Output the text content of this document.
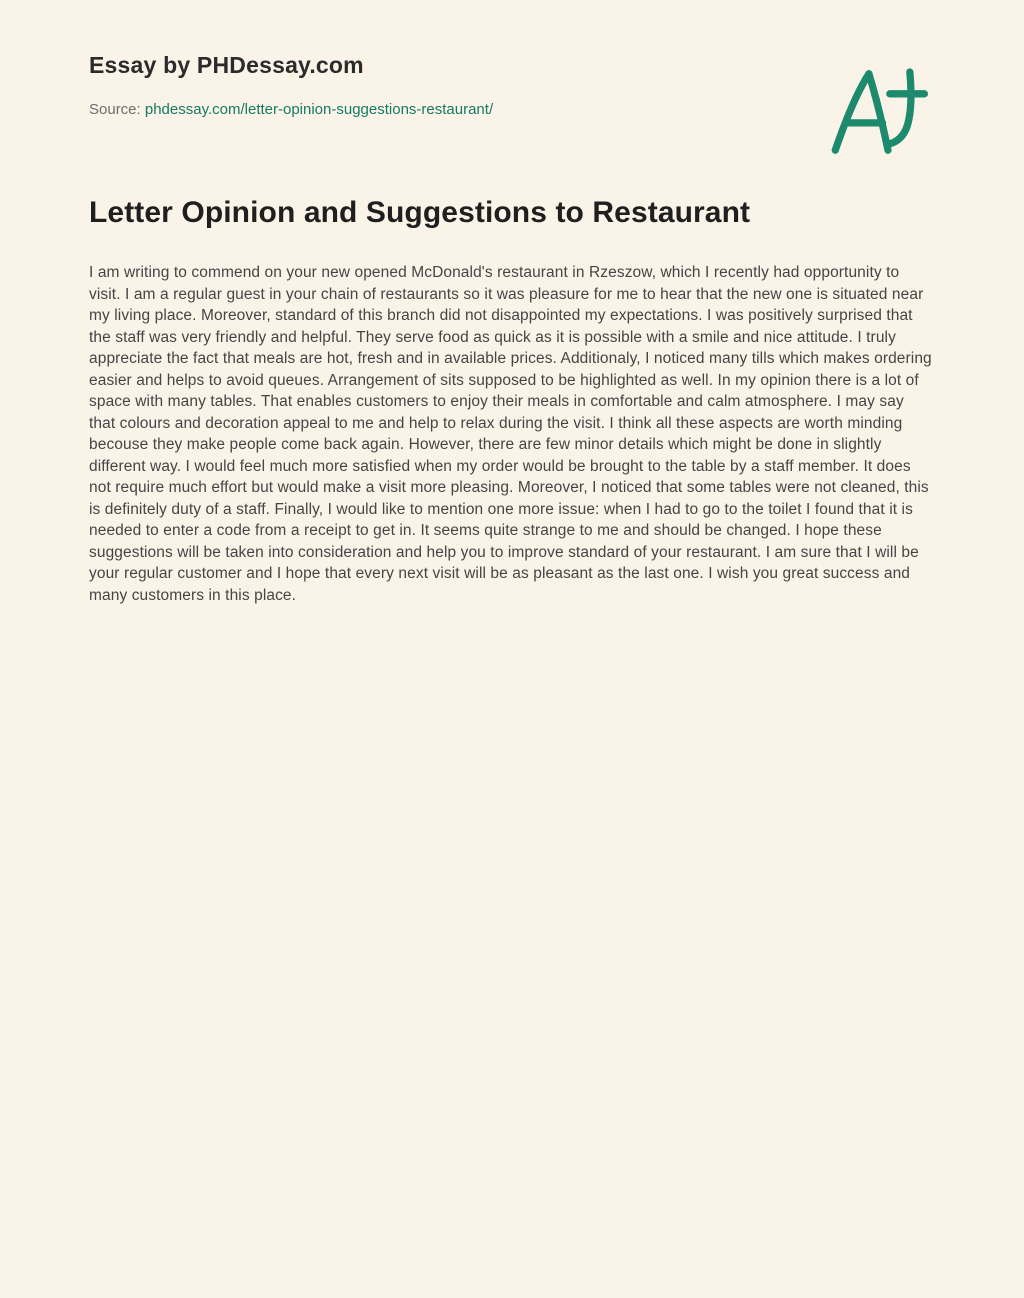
Essay by PHDessay.com
Source: phdessay.com/letter-opinion-suggestions-restaurant/
Letter Opinion and Suggestions to Restaurant

I am writing to commend on your new opened McDonald's restaurant in Rzeszow, which I recently had opportunity to visit. I am a regular guest in your chain of restaurants so it was pleasure for me to hear that the new one is situated near my living place. Moreover, standard of this branch did not disappointed my expectations. I was positively surprised that the staff was very friendly and helpful. They serve food as quick as it is possible with a smile and nice attitude. I truly appreciate the fact that meals are hot, fresh and in available prices. Additionaly, I noticed many tills which makes ordering easier and helps to avoid queues. Arrangement of sits supposed to be highlighted as well. In my opinion there is a lot of space with many tables. That enables customers to enjoy their meals in comfortable and calm atmosphere. I may say that colours and decoration appeal to me and help to relax during the visit. I think all these aspects are worth minding becouse they make people come back again. However, there are few minor details which might be done in slightly different way. I would feel much more satisfied when my order would be brought to the table by a staff member. It does not require much effort but would make a visit more pleasing. Moreover, I noticed that some tables were not cleaned, this is definitely duty of a staff. Finally, I would like to mention one more issue: when I had to go to the toilet I found that it is needed to enter a code from a receipt to get in. It seems quite strange to me and should be changed. I hope these suggestions will be taken into consideration and help you to improve standard of your restaurant. I am sure that I will be your regular customer and I hope that every next visit will be as pleasant as the last one. I wish you great success and many customers in this place.
